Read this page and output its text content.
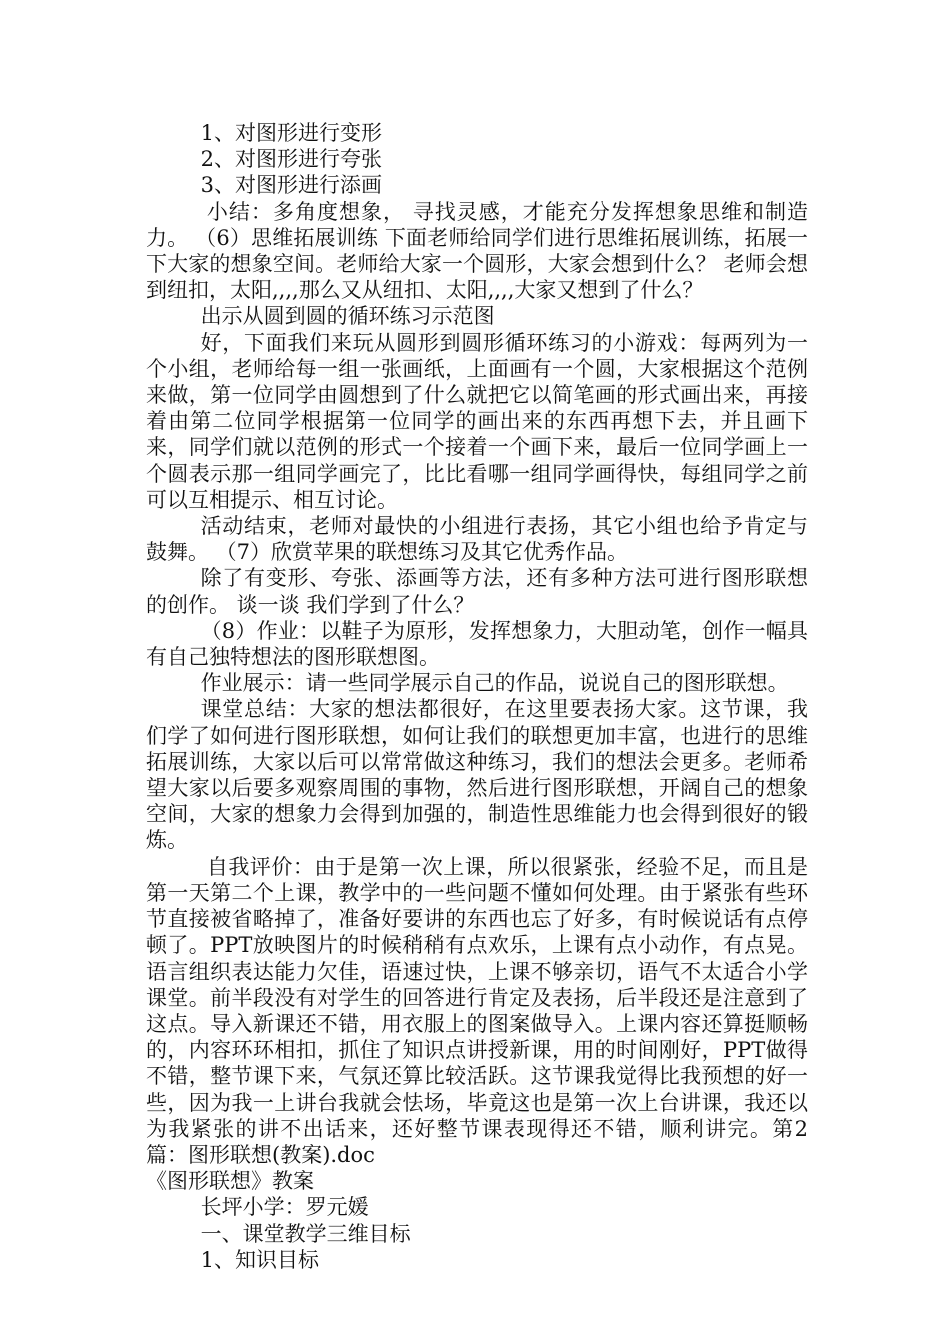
1、对图形进行变形

2、对图形进行夸张

3、对图形进行添画

小结：多角度想象， 寻找灵感，才能充分发挥想象思维和制造力。 （6）思维拓展训练 下面老师给同学们进行思维拓展训练，拓展一下大家的想象空间。老师给大家一个圆形，大家会想到什么？ 老师会想到纽扣，太阳,,,,那么又从纽扣、太阳,,,,大家又想到了什么？

出示从圆到圆的循环练习示范图

好，下面我们来玩从圆形到圆形循环练习的小游戏：每两列为一个小组，老师给每一组一张画纸，上面画有一个圆，大家根据这个范例来做，第一位同学由圆想到了什么就把它以简笔画的形式画出来，再接着由第二位同学根据第一位同学的画出来的东西再想下去，并且画下来，同学们就以范例的形式一个接着一个画下来，最后一位同学画上一个圆表示那一组同学画完了，比比看哪一组同学画得快，每组同学之前可以互相提示、相互讨论。

活动结束，老师对最快的小组进行表扬，其它小组也给予肯定与鼓舞。 （7）欣赏苹果的联想练习及其它优秀作品。

除了有变形、夸张、添画等方法，还有多种方法可进行图形联想的创作。 谈一谈 我们学到了什么？

（8）作业：以鞋子为原形，发挥想象力，大胆动笔，创作一幅具有自己独特想法的图形联想图。

作业展示：请一些同学展示自己的作品，说说自己的图形联想。

课堂总结：大家的想法都很好，在这里要表扬大家。这节课，我们学了如何进行图形联想，如何让我们的联想更加丰富，也进行的思维拓展训练，大家以后可以常常做这种练习，我们的想法会更多。老师希望大家以后要多观察周围的事物，然后进行图形联想，开阔自己的想象空间，大家的想象力会得到加强的，制造性思维能力也会得到很好的锻炼。

自我评价：由于是第一次上课，所以很紧张，经验不足，而且是第一天第二个上课，教学中的一些问题不懂如何处理。由于紧张有些环节直接被省略掉了，准备好要讲的东西也忘了好多，有时候说话有点停顿了。PPT放映图片的时候稍稍有点欢乐，上课有点小动作，有点晃。语言组织表达能力欠佳，语速过快，上课不够亲切，语气不太适合小学课堂。前半段没有对学生的回答进行肯定及表扬，后半段还是注意到了这点。导入新课还不错，用衣服上的图案做导入。上课内容还算挺顺畅的，内容环环相扣，抓住了知识点讲授新课，用的时间刚好，PPT做得不错，整节课下来，气氛还算比较活跃。这节课我觉得比我预想的好一些，因为我一上讲台我就会怯场，毕竟这也是第一次上台讲课，我还以为我紧张的讲不出话来，还好整节课表现得还不错，顺利讲完。第2篇：图形联想(教案).doc

《图形联想》教案

长坪小学：罗元媛

一、课堂教学三维目标

1、知识目标
